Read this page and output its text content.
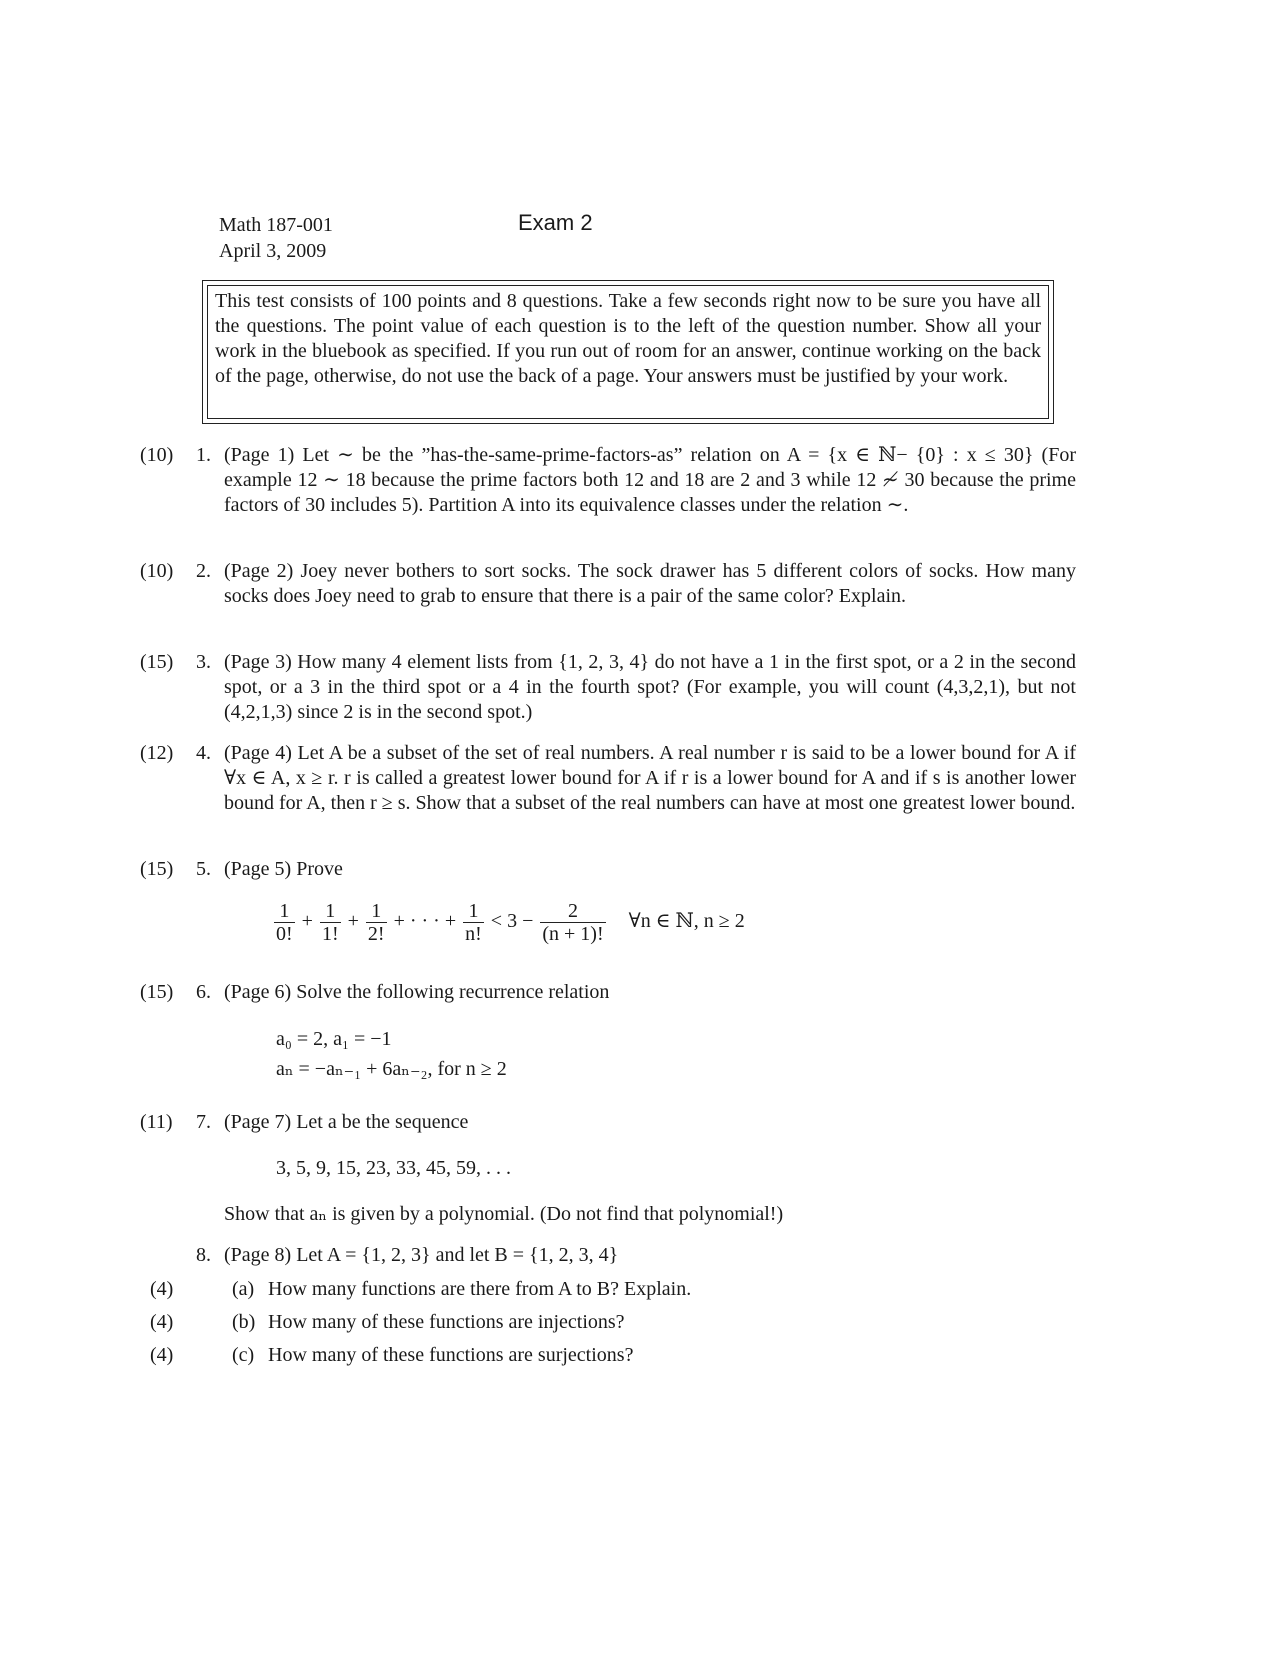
Math 187-001
April 3, 2009
Exam 2
This test consists of 100 points and 8 questions. Take a few seconds right now to be sure you have all the questions. The point value of each question is to the left of the question number. Show all your work in the bluebook as specified. If you run out of room for an answer, continue working on the back of the page, otherwise, do not use the back of a page. Your answers must be justified by your work.
(10)	1. (Page 1) Let ∼ be the ”has-the-same-prime-factors-as” relation on A = {x ∈ ℕ− {0} : x ≤ 30} (For example 12 ∼ 18 because the prime factors both 12 and 18 are 2 and 3 while 12 ≁ 30 because the prime factors of 30 includes 5). Partition A into its equivalence classes under the relation ∼.
(10)	2. (Page 2) Joey never bothers to sort socks. The sock drawer has 5 different colors of socks. How many socks does Joey need to grab to ensure that there is a pair of the same color? Explain.
(15)	3. (Page 3) How many 4 element lists from {1, 2, 3, 4} do not have a 1 in the first spot, or a 2 in the second spot, or a 3 in the third spot or a 4 in the fourth spot? (For example, you will count (4,3,2,1), but not (4,2,1,3) since 2 is in the second spot.)
(12)	4. (Page 4) Let A be a subset of the set of real numbers. A real number r is said to be a lower bound for A if ∀x ∈ A, x ≥ r. r is called a greatest lower bound for A if r is a lower bound for A and if s is another lower bound for A, then r ≥ s. Show that a subset of the real numbers can have at most one greatest lower bound.
(15)	5. (Page 5) Prove
$\frac{1}{0!} + \frac{1}{1!} + \frac{1}{2!}$ + · · · + $\frac{1}{n!} < 3 - \frac{2}{(n + 1)!}$ ∀n ∈ ℕ, n ≥ 2
(15)	6. (Page 6) Solve the following recurrence relation
a₀ = 2, a₁ = −1
aₙ = −aₙ₋₁ + 6aₙ₋₂, for n ≥ 2
(11)	7. (Page 7) Let a be the sequence
3, 5, 9, 15, 23, 33, 45, 59, . . .
Show that aₙ is given by a polynomial. (Do not find that polynomial!)
8. (Page 8) Let A = {1, 2, 3} and let B = {1, 2, 3, 4}
(4)	(a) How many functions are there from A to B? Explain.
(4)	(b) How many of these functions are injections?
(4)	(c) How many of these functions are surjections?
